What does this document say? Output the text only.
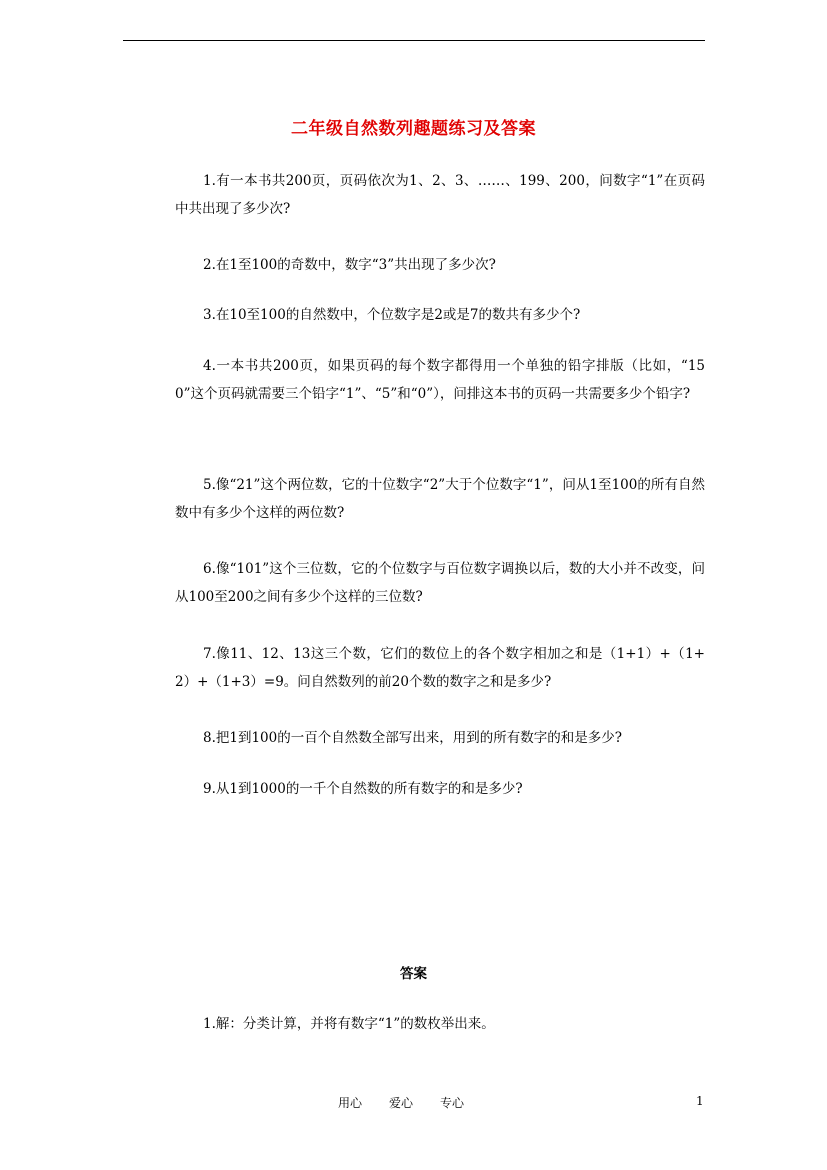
二年级自然数列趣题练习及答案
1.有一本书共200页，页码依次为1、2、3、……、199、200，问数字“1”在页码中共出现了多少次?
2.在1至100的奇数中，数字“3”共出现了多少次?
3.在10至100的自然数中，个位数字是2或是7的数共有多少个?
4.一本书共200页，如果页码的每个数字都得用一个单独的铅字排版（比如，“150”这个页码就需要三个铅字“1”、“5”和“0”），问排这本书的页码一共需要多少个铅字?
5.像“21”这个两位数，它的十位数字“2”大于个位数字“1”，问从1至100的所有自然数中有多少个这样的两位数?
6.像“101”这个三位数，它的个位数字与百位数字调换以后，数的大小并不改变，问从100至200之间有多少个这样的三位数?
7.像11、12、13这三个数，它们的数位上的各个数字相加之和是（1+1）+（1+2）+（1+3）=9。问自然数列的前20个数的数字之和是多少?
8.把1到100的一百个自然数全部写出来，用到的所有数字的和是多少?
9.从1到1000的一千个自然数的所有数字的和是多少?
答案
1.解：分类计算，并将有数字“1”的数枚举出来。
用心 爱心 专心	1
